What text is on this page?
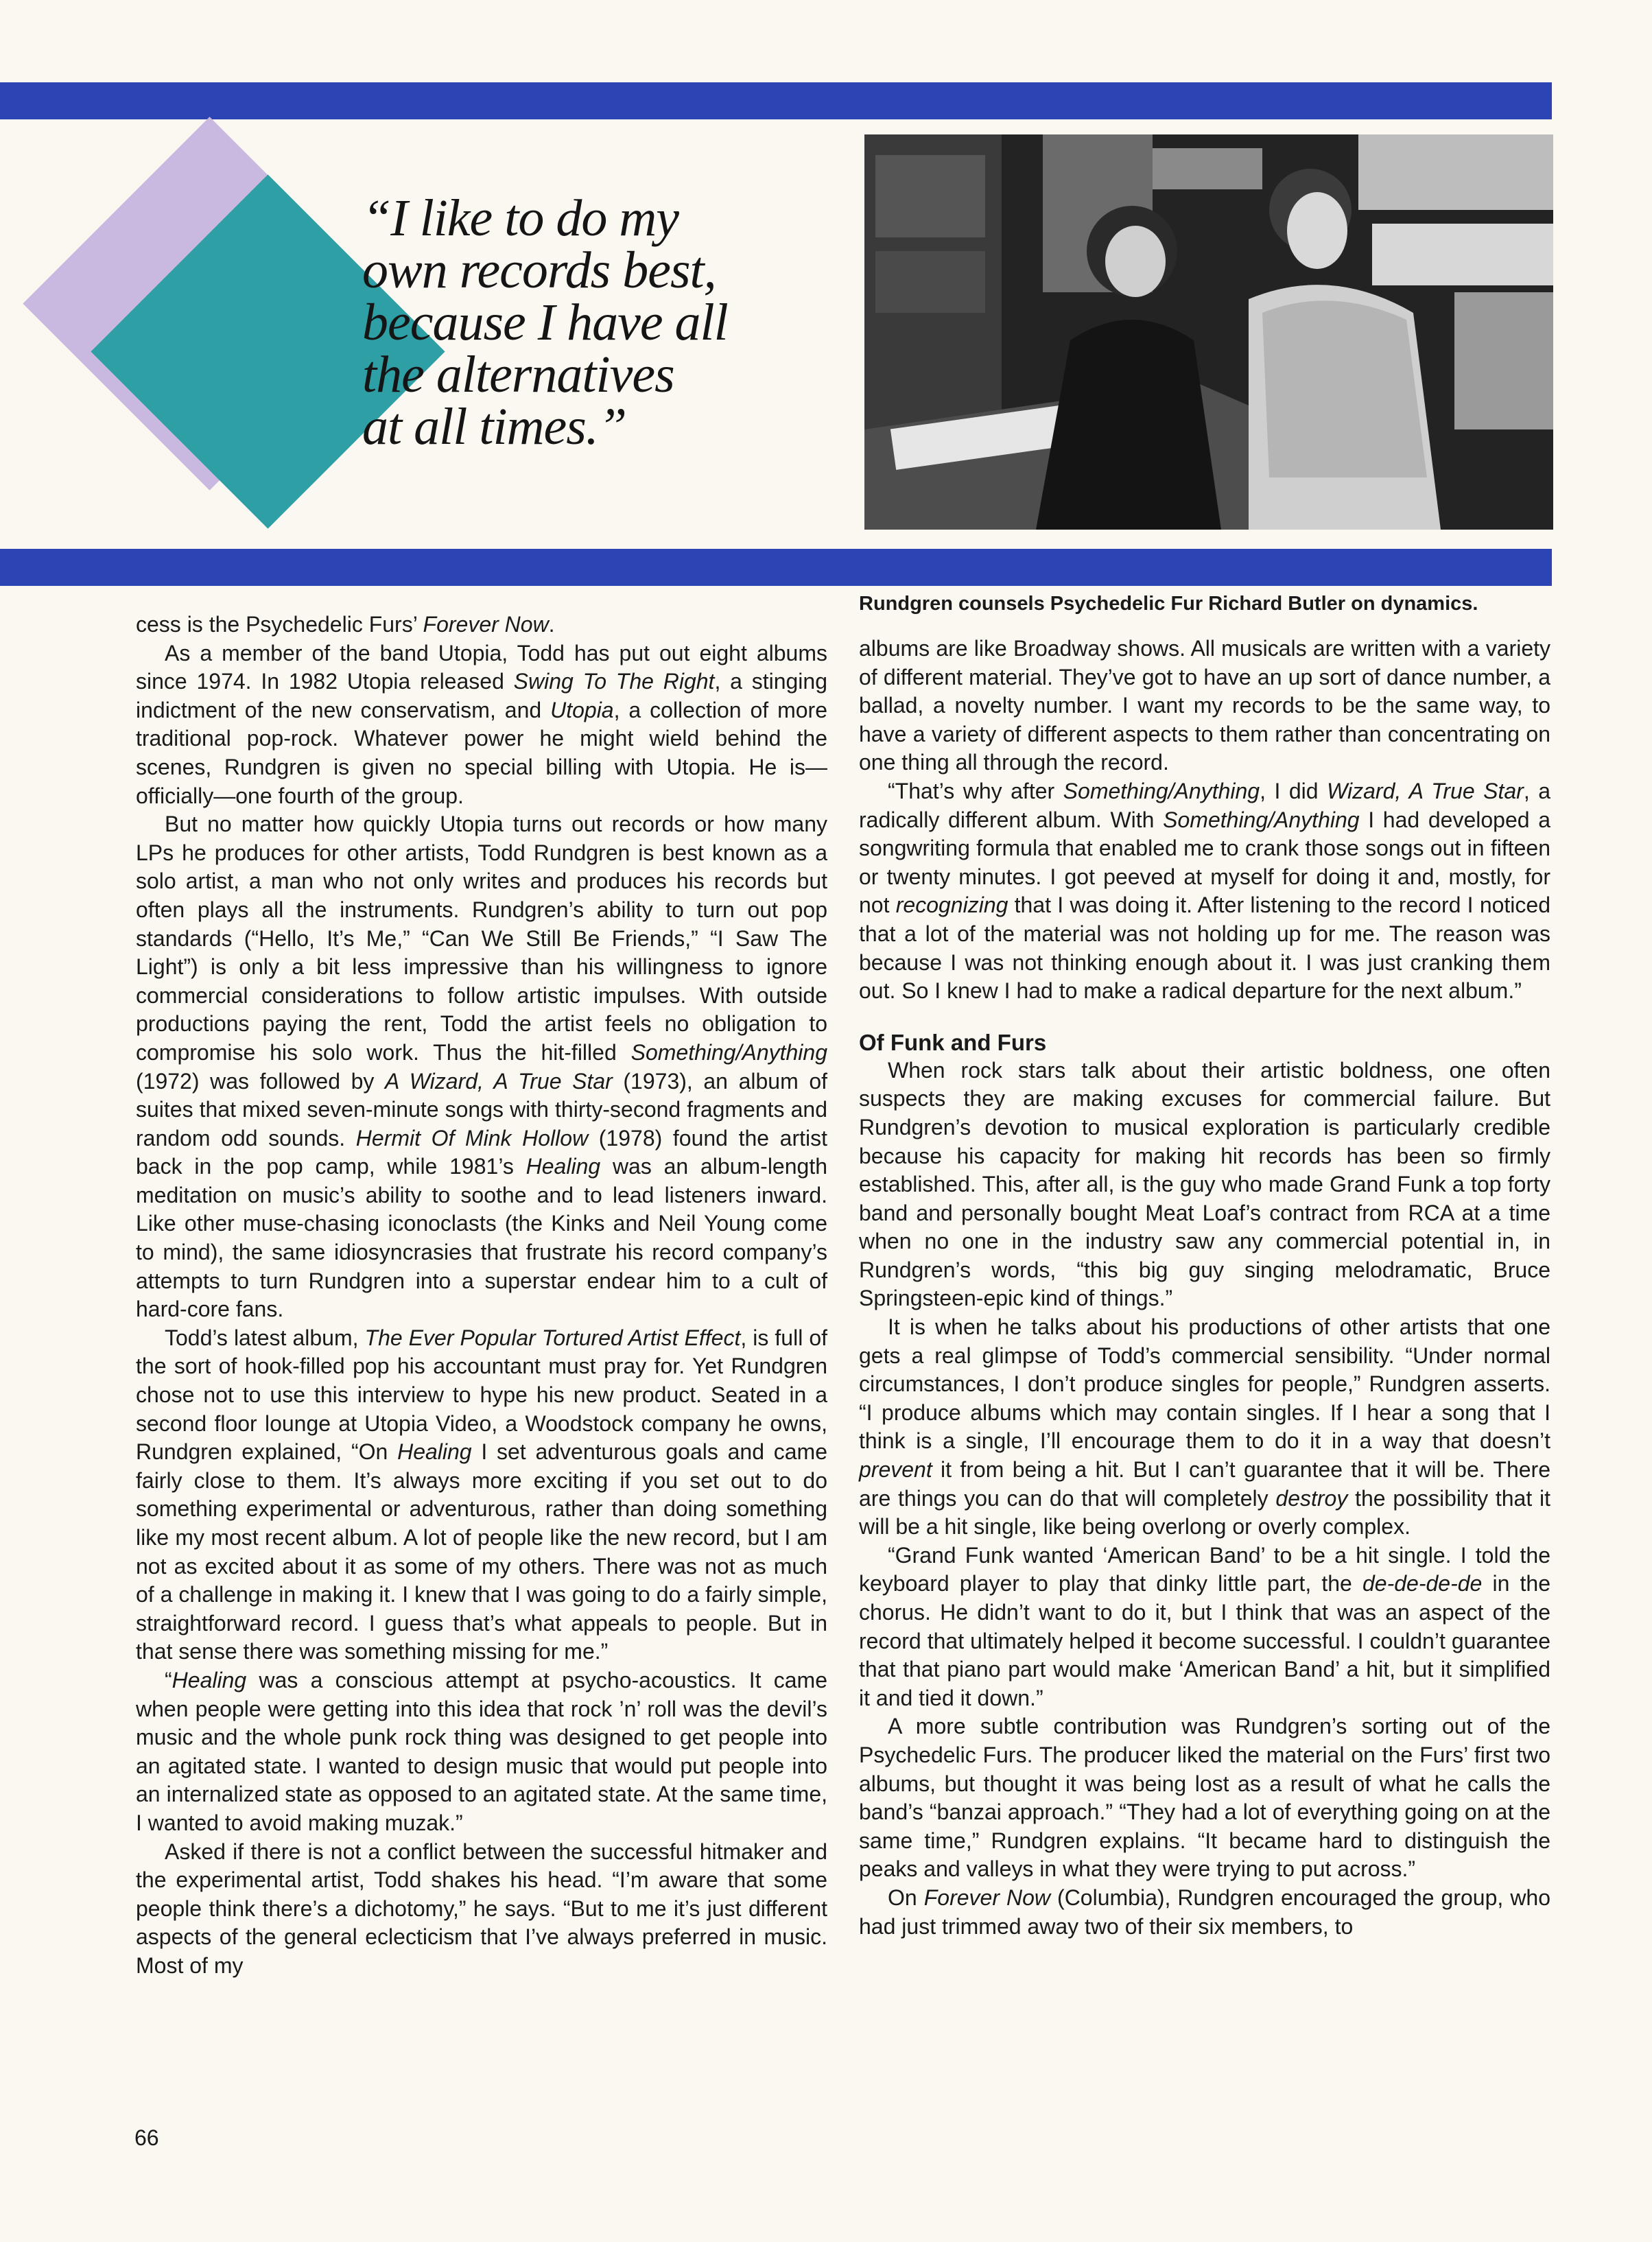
“I like to do my
own records best,
because I have all
the alternatives
at all times.”

Rundgren counsels Psychedelic Fur Richard Butler on dynamics.

cess is the Psychedelic Furs’ Forever Now.

As a member of the band Utopia, Todd has put out eight albums since 1974. In 1982 Utopia released Swing To The Right, a stinging indictment of the new conservatism, and Utopia, a collection of more traditional pop-rock. Whatever power he might wield behind the scenes, Rundgren is given no special billing with Utopia. He is—officially—one fourth of the group.

But no matter how quickly Utopia turns out records or how many LPs he produces for other artists, Todd Rundgren is best known as a solo artist, a man who not only writes and produces his records but often plays all the instruments. Rundgren’s ability to turn out pop standards (“Hello, It’s Me,” “Can We Still Be Friends,” “I Saw The Light”) is only a bit less impressive than his willingness to ignore commercial considerations to follow artistic impulses. With outside productions paying the rent, Todd the artist feels no obligation to compromise his solo work. Thus the hit-filled Something/Anything (1972) was followed by A Wizard, A True Star (1973), an album of suites that mixed seven-minute songs with thirty-second fragments and random odd sounds. Hermit Of Mink Hollow (1978) found the artist back in the pop camp, while 1981’s Healing was an album-length meditation on music’s ability to soothe and to lead listeners inward. Like other muse-chasing iconoclasts (the Kinks and Neil Young come to mind), the same idiosyncrasies that frustrate his record company’s attempts to turn Rundgren into a superstar endear him to a cult of hard-core fans.

Todd’s latest album, The Ever Popular Tortured Artist Effect, is full of the sort of hook-filled pop his accountant must pray for. Yet Rundgren chose not to use this interview to hype his new product. Seated in a second floor lounge at Utopia Video, a Woodstock company he owns, Rundgren explained, “On Healing I set adventurous goals and came fairly close to them. It’s always more exciting if you set out to do something experimental or adventurous, rather than doing something like my most recent album. A lot of people like the new record, but I am not as excited about it as some of my others. There was not as much of a challenge in making it. I knew that I was going to do a fairly simple, straightforward record. I guess that’s what appeals to people. But in that sense there was something missing for me.”

“Healing was a conscious attempt at psycho-acoustics. It came when people were getting into this idea that rock ’n’ roll was the devil’s music and the whole punk rock thing was designed to get people into an agitated state. I wanted to design music that would put people into an internalized state as opposed to an agitated state. At the same time, I wanted to avoid making muzak.”

Asked if there is not a conflict between the successful hitmaker and the experimental artist, Todd shakes his head. “I’m aware that some people think there’s a dichotomy,” he says. “But to me it’s just different aspects of the general eclecticism that I’ve always preferred in music. Most of my

albums are like Broadway shows. All musicals are written with a variety of different material. They’ve got to have an up sort of dance number, a ballad, a novelty number. I want my records to be the same way, to have a variety of different aspects to them rather than concentrating on one thing all through the record.

“That’s why after Something/Anything, I did Wizard, A True Star, a radically different album. With Something/Anything I had developed a songwriting formula that enabled me to crank those songs out in fifteen or twenty minutes. I got peeved at myself for doing it and, mostly, for not recognizing that I was doing it. After listening to the record I noticed that a lot of the material was not holding up for me. The reason was because I was not thinking enough about it. I was just cranking them out. So I knew I had to make a radical departure for the next album.”

Of Funk and Furs

When rock stars talk about their artistic boldness, one often suspects they are making excuses for commercial failure. But Rundgren’s devotion to musical exploration is particularly credible because his capacity for making hit records has been so firmly established. This, after all, is the guy who made Grand Funk a top forty band and personally bought Meat Loaf’s contract from RCA at a time when no one in the industry saw any commercial potential in, in Rundgren’s words, “this big guy singing melodramatic, Bruce Springsteen-epic kind of things.”

It is when he talks about his productions of other artists that one gets a real glimpse of Todd’s commercial sensibility. “Under normal circumstances, I don’t produce singles for people,” Rundgren asserts. “I produce albums which may contain singles. If I hear a song that I think is a single, I’ll encourage them to do it in a way that doesn’t prevent it from being a hit. But I can’t guarantee that it will be. There are things you can do that will completely destroy the possibility that it will be a hit single, like being overlong or overly complex.

“Grand Funk wanted ‘American Band’ to be a hit single. I told the keyboard player to play that dinky little part, the de-de-de-de in the chorus. He didn’t want to do it, but I think that was an aspect of the record that ultimately helped it become successful. I couldn’t guarantee that that piano part would make ‘American Band’ a hit, but it simplified it and tied it down.”

A more subtle contribution was Rundgren’s sorting out of the Psychedelic Furs. The producer liked the material on the Furs’ first two albums, but thought it was being lost as a result of what he calls the band’s “banzai approach.” “They had a lot of everything going on at the same time,” Rundgren explains. “It became hard to distinguish the peaks and valleys in what they were trying to put across.”

On Forever Now (Columbia), Rundgren encouraged the group, who had just trimmed away two of their six members, to

66
